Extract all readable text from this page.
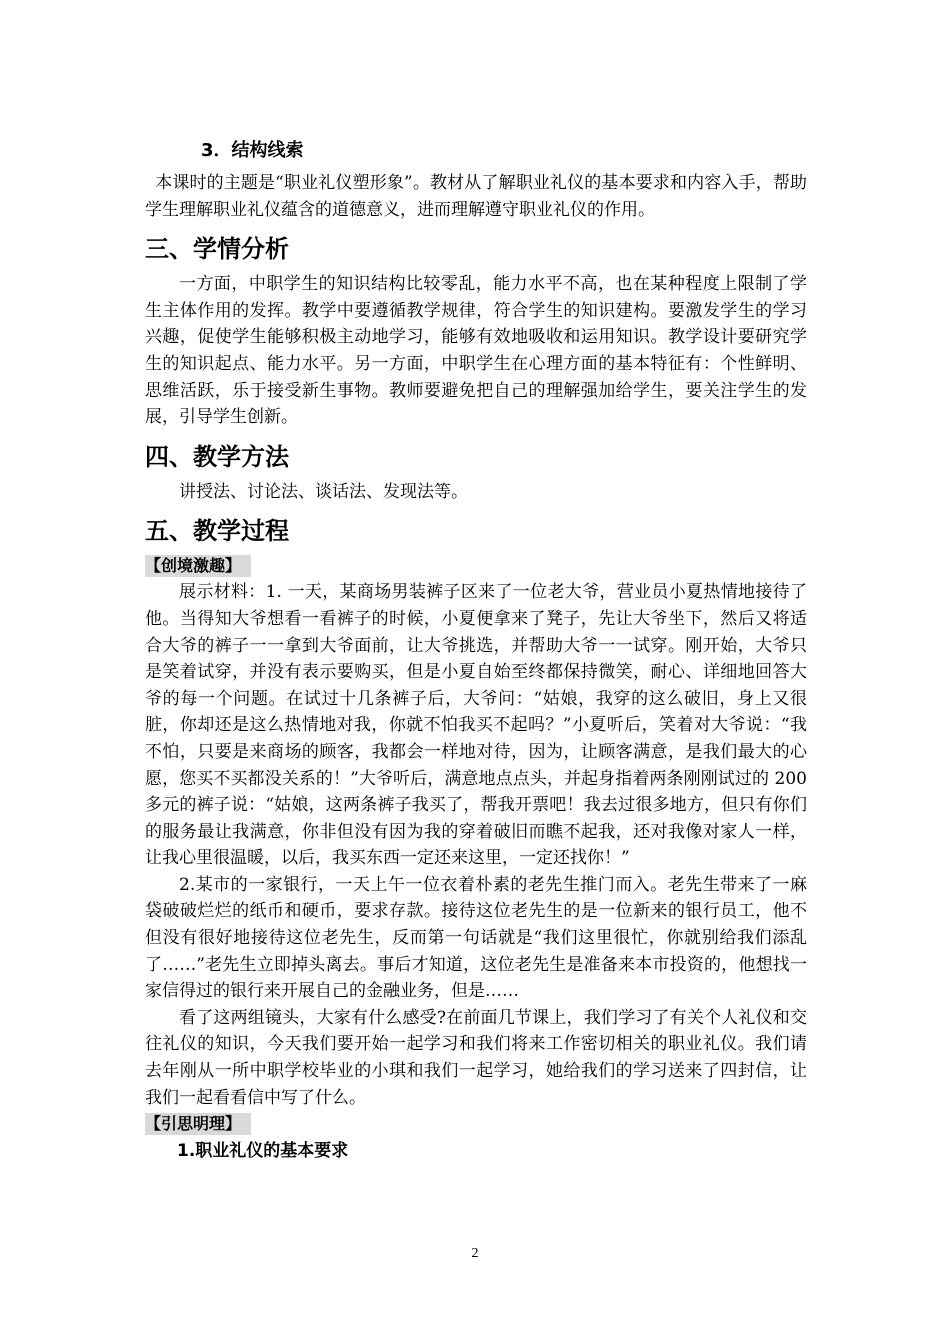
3．结构线索

本课时的主题是“职业礼仪塑形象”。教材从了解职业礼仪的基本要求和内容入手，帮助学生理解职业礼仪蕴含的道德意义，进而理解遵守职业礼仪的作用。

三、学情分析

一方面，中职学生的知识结构比较零乱，能力水平不高，也在某种程度上限制了学生主体作用的发挥。教学中要遵循教学规律，符合学生的知识建构。要激发学生的学习兴趣，促使学生能够积极主动地学习，能够有效地吸收和运用知识。教学设计要研究学生的知识起点、能力水平。另一方面，中职学生在心理方面的基本特征有：个性鲜明、思维活跃，乐于接受新生事物。教师要避免把自己的理解强加给学生，要关注学生的发展，引导学生创新。

四、教学方法

讲授法、讨论法、谈话法、发现法等。

五、教学过程
【创境激趣】

展示材料：1. 一天，某商场男装裤子区来了一位老大爷，营业员小夏热情地接待了他。当得知大爷想看一看裤子的时候，小夏便拿来了凳子，先让大爷坐下，然后又将适合大爷的裤子一一拿到大爷面前，让大爷挑选，并帮助大爷一一试穿。刚开始，大爷只是笑着试穿，并没有表示要购买，但是小夏自始至终都保持微笑，耐心、详细地回答大爷的每一个问题。在试过十几条裤子后，大爷问：“姑娘，我穿的这么破旧，身上又很脏，你却还是这么热情地对我，你就不怕我买不起吗？”小夏听后，笑着对大爷说：“我不怕，只要是来商场的顾客，我都会一样地对待，因为，让顾客满意，是我们最大的心愿，您买不买都没关系的！”大爷听后，满意地点点头，并起身指着两条刚刚试过的 200 多元的裤子说：“姑娘，这两条裤子我买了，帮我开票吧！我去过很多地方，但只有你们的服务最让我满意，你非但没有因为我的穿着破旧而瞧不起我，还对我像对家人一样，让我心里很温暖，以后，我买东西一定还来这里，一定还找你！”

2.某市的一家银行，一天上午一位衣着朴素的老先生推门而入。老先生带来了一麻袋破破烂烂的纸币和硬币，要求存款。接待这位老先生的是一位新来的银行员工，他不但没有很好地接待这位老先生，反而第一句话就是“我们这里很忙，你就别给我们添乱了……”老先生立即掉头离去。事后才知道，这位老先生是准备来本市投资的，他想找一家信得过的银行来开展自己的金融业务，但是……

看了这两组镜头，大家有什么感受?在前面几节课上，我们学习了有关个人礼仪和交往礼仪的知识，今天我们要开始一起学习和我们将来工作密切相关的职业礼仪。我们请去年刚从一所中职学校毕业的小琪和我们一起学习，她给我们的学习送来了四封信，让我们一起看看信中写了什么。

【引思明理】
1.职业礼仪的基本要求
2
